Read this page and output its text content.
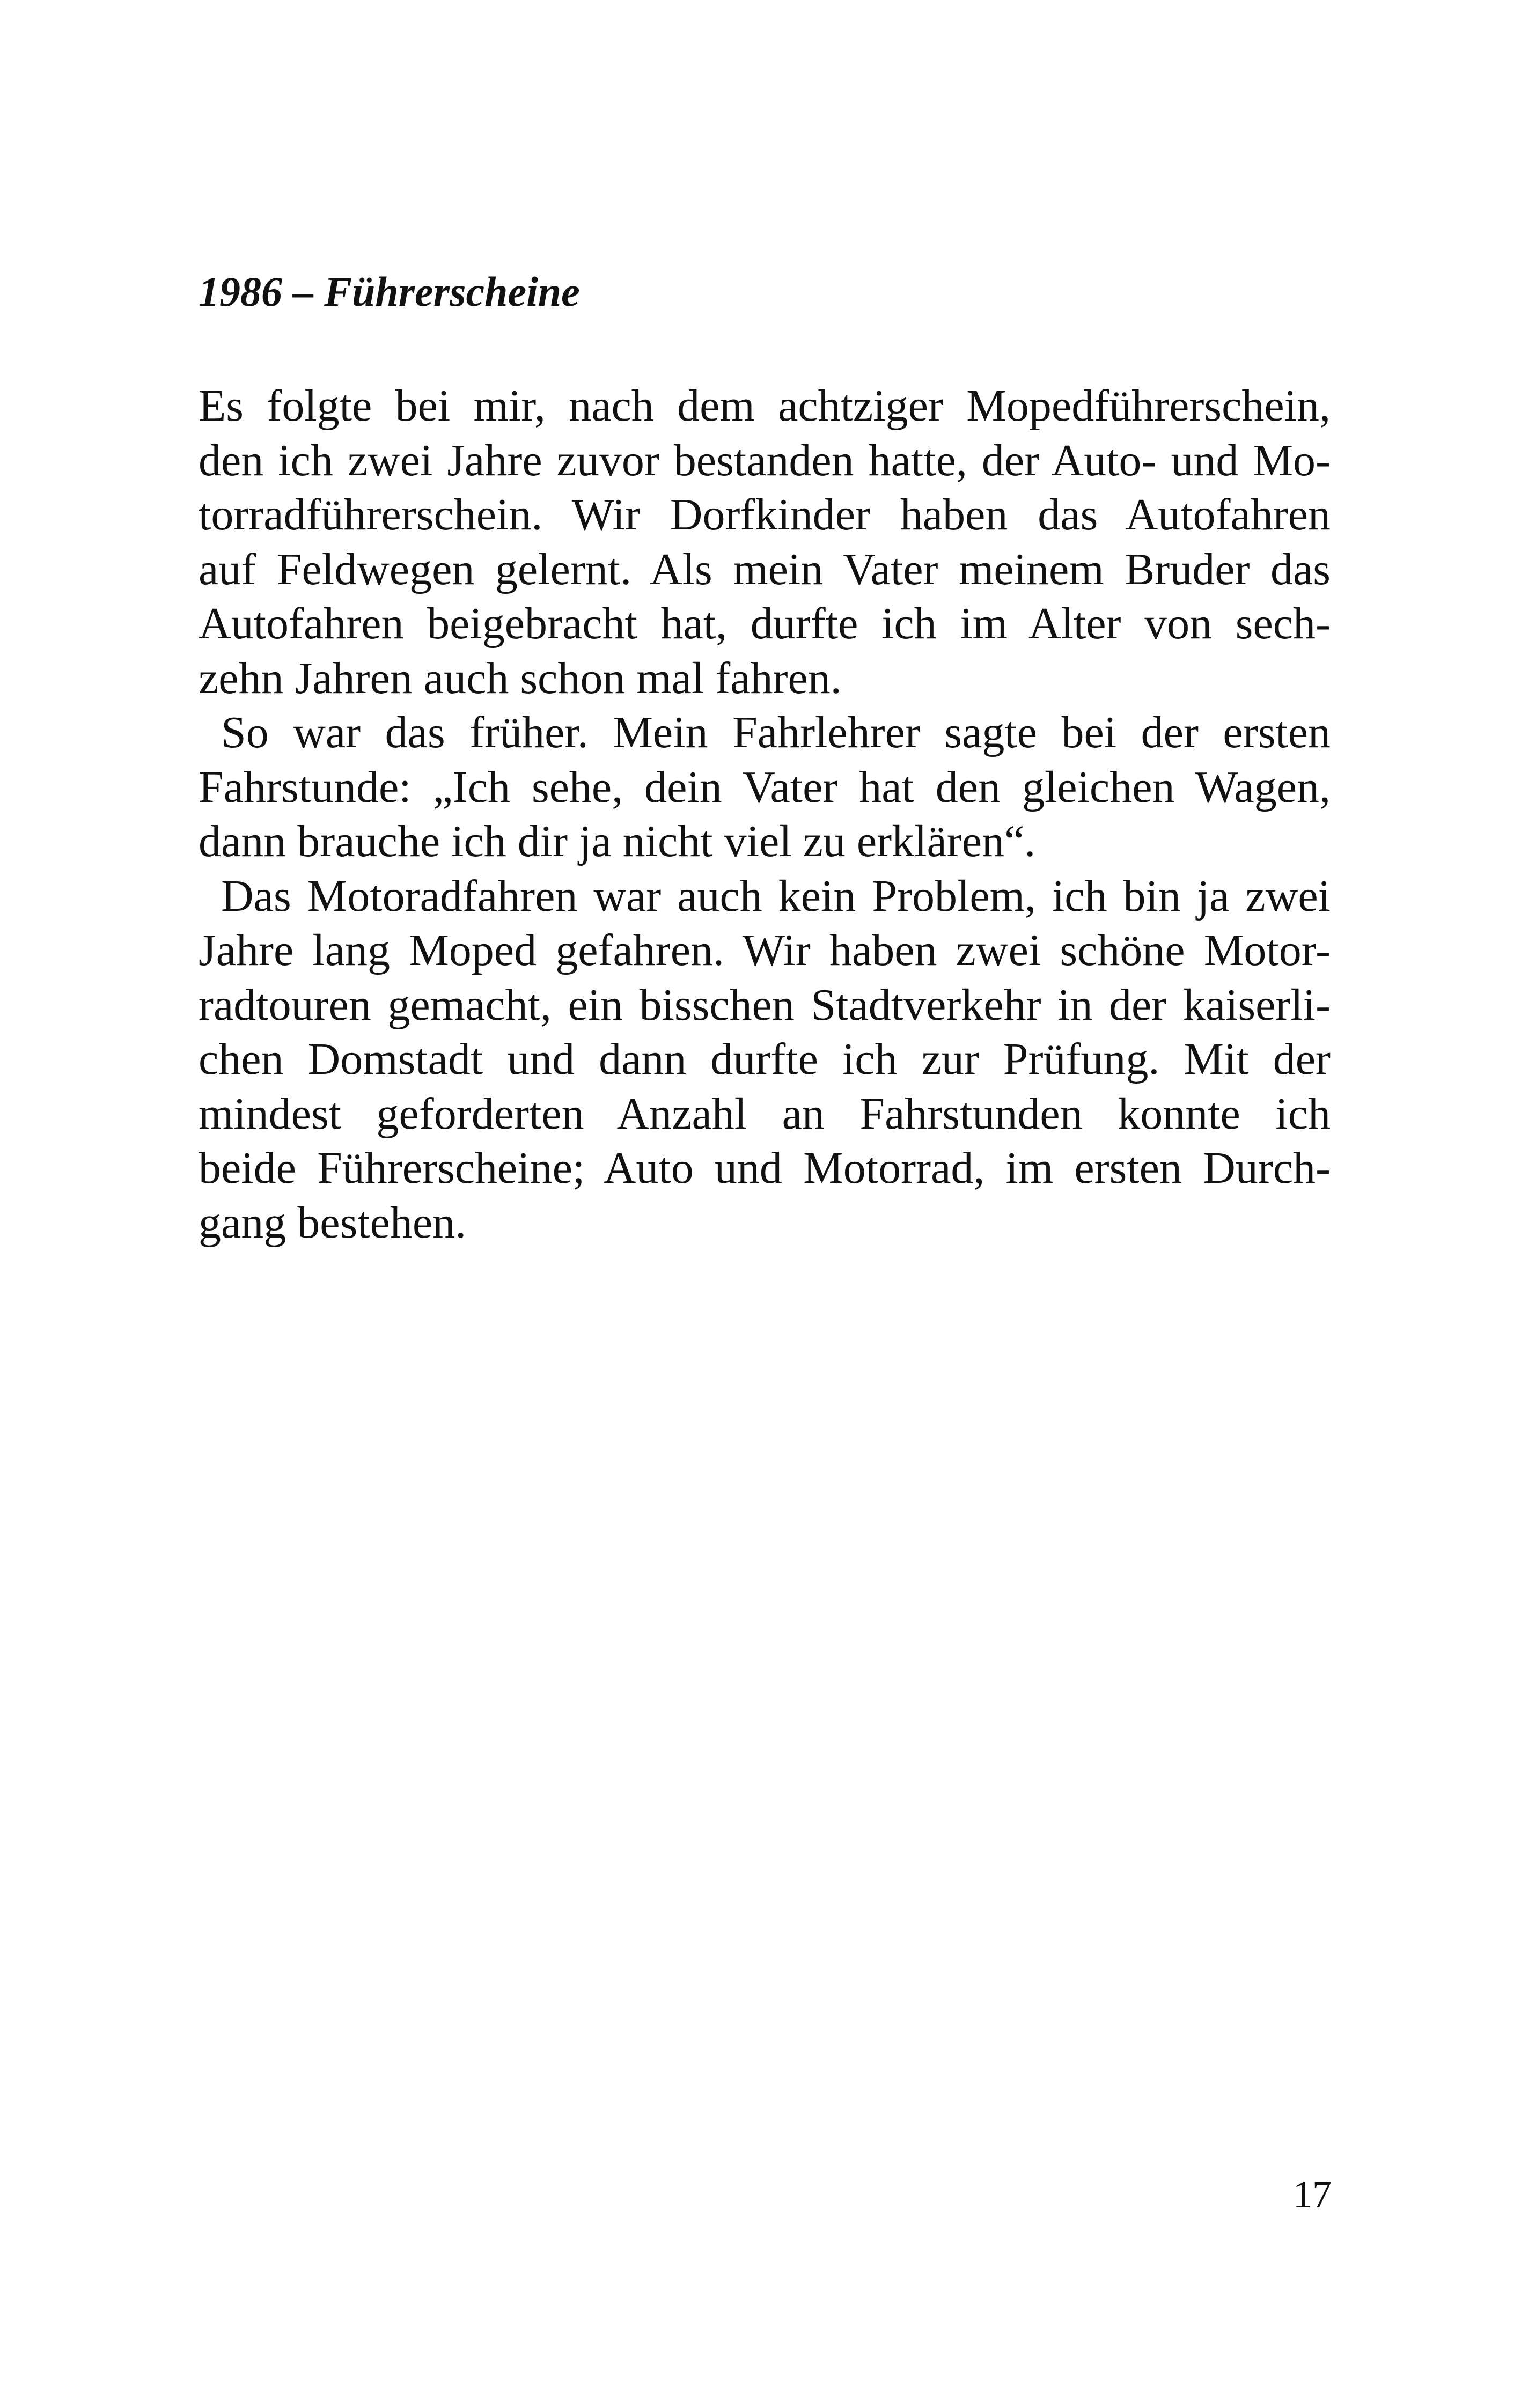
1986 – Führerscheine

Es folgte bei mir, nach dem achtziger Mopedführerschein,
den ich zwei Jahre zuvor bestanden hatte, der Auto- und Mo-
torradführerschein. Wir Dorfkinder haben das Autofahren
auf Feldwegen gelernt. Als mein Vater meinem Bruder das
Autofahren beigebracht hat, durfte ich im Alter von sech-
zehn Jahren auch schon mal fahren.

So war das früher. Mein Fahrlehrer sagte bei der ersten
Fahrstunde: „Ich sehe, dein Vater hat den gleichen Wagen,
dann brauche ich dir ja nicht viel zu erklären“.

Das Motoradfahren war auch kein Problem, ich bin ja zwei
Jahre lang Moped gefahren. Wir haben zwei schöne Motor-
radtouren gemacht, ein bisschen Stadtverkehr in der kaiserli-
chen Domstadt und dann durfte ich zur Prüfung. Mit der
mindest geforderten Anzahl an Fahrstunden konnte ich
beide Führerscheine; Auto und Motorrad, im ersten Durch-
gang bestehen.

17
